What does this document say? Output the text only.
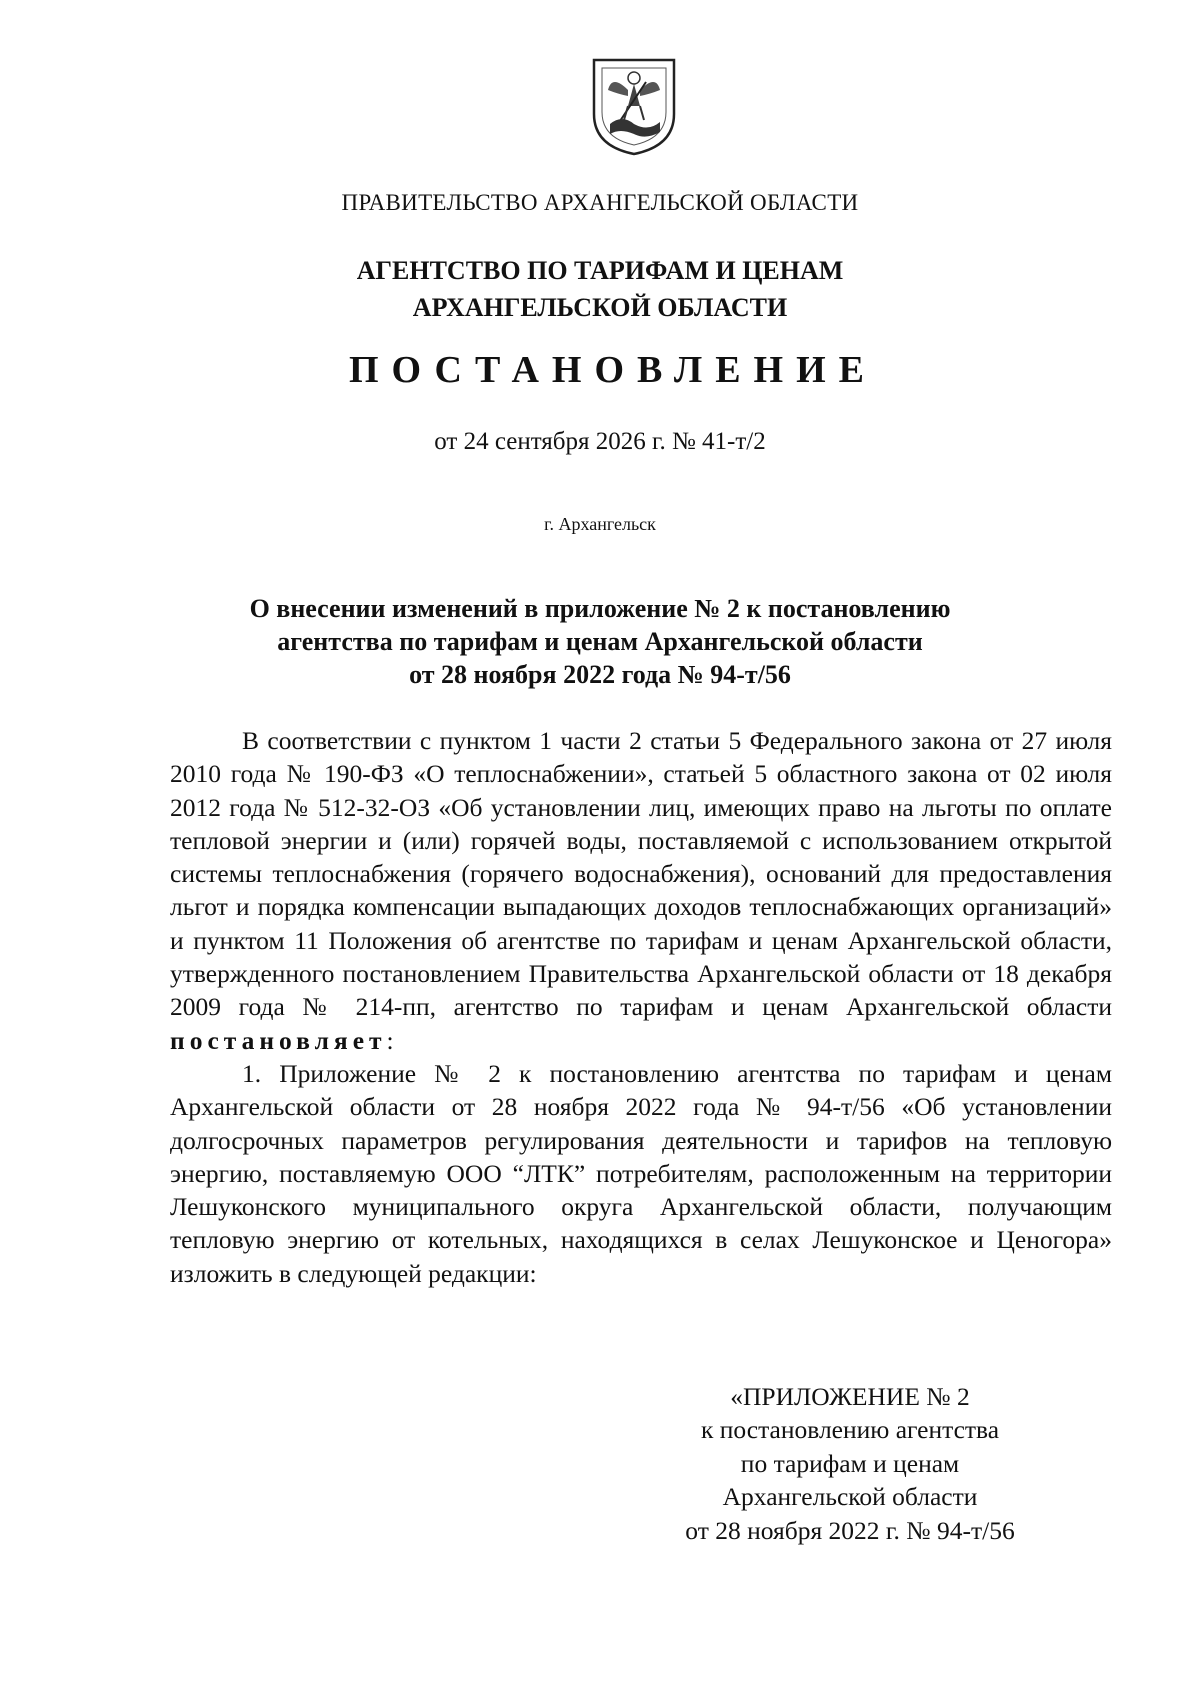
ПРАВИТЕЛЬСТВО АРХАНГЕЛЬСКОЙ ОБЛАСТИ
АГЕНТСТВО ПО ТАРИФАМ И ЦЕНАМ
АРХАНГЕЛЬСКОЙ ОБЛАСТИ
ПОСТАНОВЛЕНИЕ
от 24 сентября 2026 г. № 41-т/2
г. Архангельск
О внесении изменений в приложение № 2 к постановлению
агентства по тарифам и ценам Архангельской области
от 28 ноября 2022 года № 94-т/56

В соответствии с пунктом 1 части 2 статьи 5 Федерального закона от 27 июля 2010 года № 190-ФЗ «О теплоснабжении», статьей 5 областного закона от 02 июля 2012 года № 512-32-ОЗ «Об установлении лиц, имеющих право на льготы по оплате тепловой энергии и (или) горячей воды, поставляемой с использованием открытой системы теплоснабжения (горячего водоснабжения), оснований для предоставления льгот и порядка компенсации выпадающих доходов теплоснабжающих организаций» и пунктом 11 Положения об агентстве по тарифам и ценам Архангельской области, утвержденного постановлением Правительства Архангельской области от 18 декабря 2009 года № 214-пп, агентство по тарифам и ценам Архангельской области постановляет:

1. Приложение № 2 к постановлению агентства по тарифам и ценам Архангельской области от 28 ноября 2022 года № 94-т/56 «Об установлении долгосрочных параметров регулирования деятельности и тарифов на тепловую энергию, поставляемую ООО “ЛТК” потребителям, расположенным на территории Лешуконского муниципального округа Архангельской области, получающим тепловую энергию от котельных, находящихся в селах Лешуконское и Ценогора» изложить в следующей редакции:

«ПРИЛОЖЕНИЕ № 2
к постановлению агентства
по тарифам и ценам
Архангельской области
от 28 ноября 2022 г. № 94-т/56
